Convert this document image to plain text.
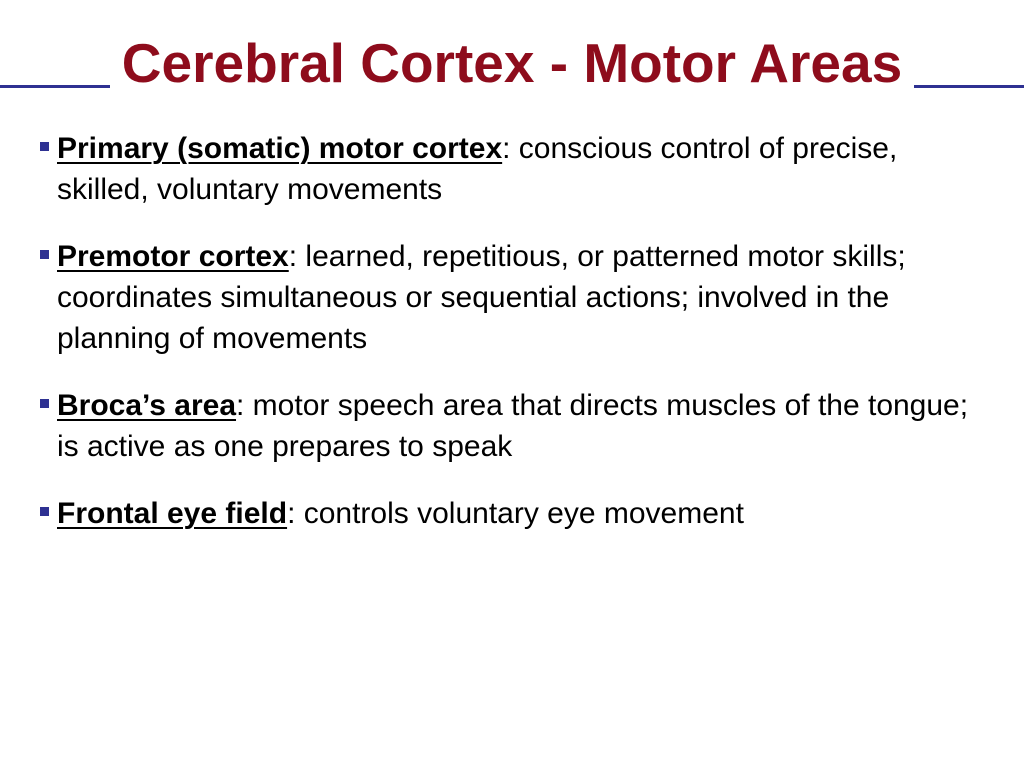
Cerebral Cortex - Motor Areas
Primary (somatic) motor cortex: conscious control of precise, skilled, voluntary movements
Premotor cortex: learned, repetitious, or patterned motor skills; coordinates simultaneous or sequential actions; involved in the planning of movements
Broca’s area: motor speech area that directs muscles of the tongue; is active as one prepares to speak
Frontal eye field: controls voluntary eye movement
